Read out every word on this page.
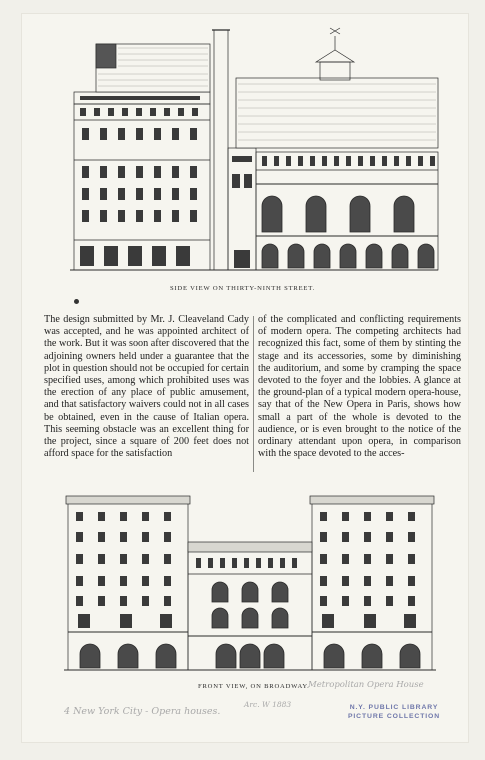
SIDE VIEW ON THIRTY-NINTH STREET.
The design submitted by Mr. J. Cleaveland Cady was accepted, and he was appointed architect of the work. But it was soon after discovered that the adjoining owners held under a guarantee that the plot in question should not be occupied for certain specified uses, among which prohibited uses was the erection of any place of public amusement, and that satisfactory waivers could not in all cases be obtained, even in the cause of Italian opera. This seeming obstacle was an excellent thing for the project, since a square of 200 feet does not afford space for the satisfaction
of the complicated and conflicting requirements of modern opera. The competing architects had recognized this fact, some of them by stinting the stage and its accessories, some by diminishing the auditorium, and some by cramping the space devoted to the foyer and the lobbies. A glance at the ground-plan of a typical modern opera-house, say that of the New Opera in Paris, shows how small a part of the whole is devoted to the audience, or is even brought to the notice of the ordinary attendant upon opera, in comparison with the space devoted to the acces-
FRONT VIEW, ON BROADWAY.
Metropolitan Opera House
4 New York City - Opera houses.
Arc. W 1883	N.Y. PUBLIC LIBRARY
PICTURE COLLECTION
